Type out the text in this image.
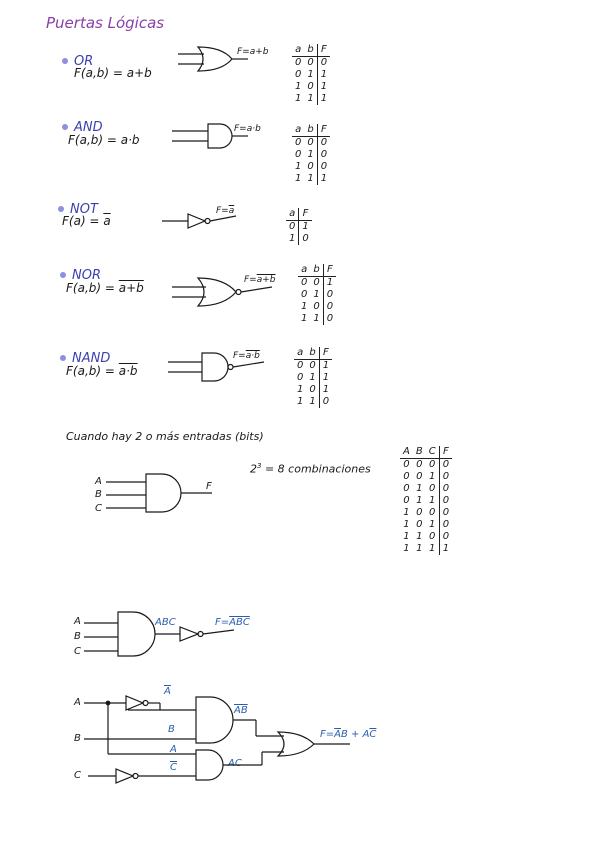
Puertas Lógicas
OR
F(a,b) = a+b
AND
F(a,b) = a·b
NOT
$F(a) = \overline{a}$
NOR
F(a,b) = a+b
NAND
F(a,b) = a·b
F=a+b
F=a·b
$F=\overline{a}$
F=a+b
F=a·b
a	b	F
0	0	0
0	1	1
1	0	1
1	1	1
a	b	F
0	0	0
0	1	0
1	0	0
1	1	1
a	F
0	1
1	0
a	b	F
0	0	1
0	1	0
1	0	0
1	1	0
a	b	F
0	0	1
0	1	1
1	0	1
1	1	0
Cuando hay 2 o más entradas (bits)
$2^3 = 8$ combinaciones
A
B
C
F
A	B	C	F
0	0	0	0
0	0	1	0
0	1	0	0
0	1	1	0
1	0	0	0
1	0	1	0
1	1	0	0
1	1	1	1
A
B
C
ABC	$F=\overline{ABC}$
A
B
C
$\overline{A}$
B
A
$\overline{C}$
$\overline{AB}$
AC
$F=\overline{A}B + A\overline{C}$
